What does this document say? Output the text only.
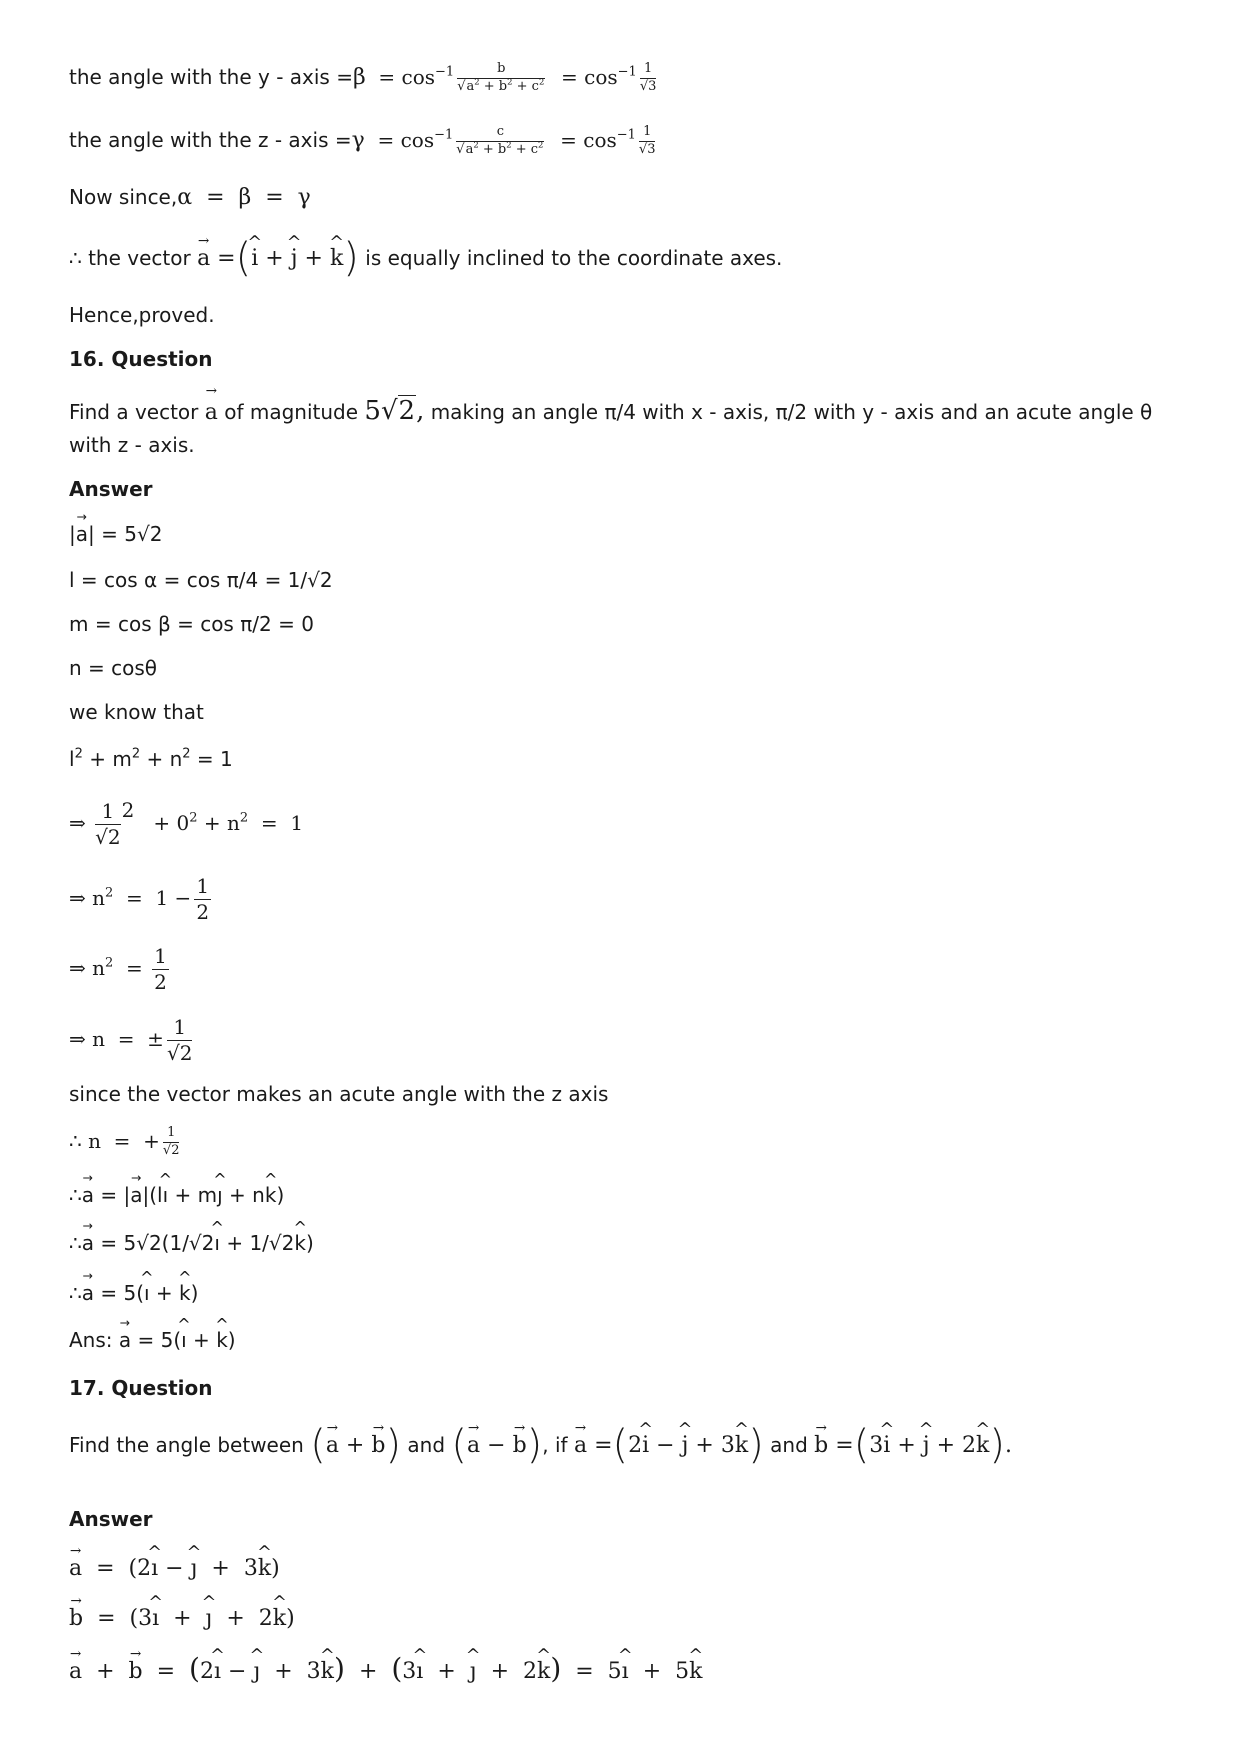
the angle with the y - axis $=\beta = \cos^{-1} \frac{b}{√a^2 + b^2 + c^2} = \cos^{-1} \frac{1}{√3}$
the angle with the z - axis $=\gamma = \cos^{-1} \frac{c}{√a^2 + b^2 + c^2} = \cos^{-1} \frac{1}{√3}$
Now since,α  =  β  =  γ
∴ the vector → a =(^ i + ^ j + ^ k) is equally inclined to the coordinate axes.
Hence,proved.
16. Question
Find a vector → a of magnitude 5√2, making an angle π/4 with x - axis, π/2 with y - axis and an acute angle θ with z - axis.
Answer
|→ a| = 5√2
l = cos α = cos π/4 = 1/√2
m = cos β = cos π/2 = 0
n = cosθ
we know that
$l^2 + m^2 + n^2 = 1$
⇒ $\frac{1}{√2} ^2 + 0^2 + n^2 = 1$
⇒ $n^2 = 1 - \frac{1}{2}$
⇒ $n^2 = \frac{1}{2}$
⇒ n  =  ± $\frac{1}{√2}$
since the vector makes an acute angle with the z axis
∴ n  =  + $\frac{1}{√2}$
∴→ a = |→ a|(l^ ı + m^ ȷ + n^ k)
∴→ a = 5√2(1/√2^ ı + 1/√2^ k)
∴→ a = 5(^ ı + ^ k)
Ans: → a = 5(^ ı + ^ k)
17. Question
Find the angle between (→ a + → b) and (→ a − → b), if → a =(2^ i − ^ j + 3^ k) and → b =(3^ i + ^ j + 2^ k).
Answer
→ a  =  (2^ ı − ^ ȷ  +  3^ k)
→ b  =  (3^ ı  +  ^ ȷ  +  2^ k)
→ a  +  → b  =  (2^ ı − ^ ȷ  +  3^ k)  +  (3^ ı  +  ^ ȷ  +  2^ k)  =  5^ ı  +  5^ k
